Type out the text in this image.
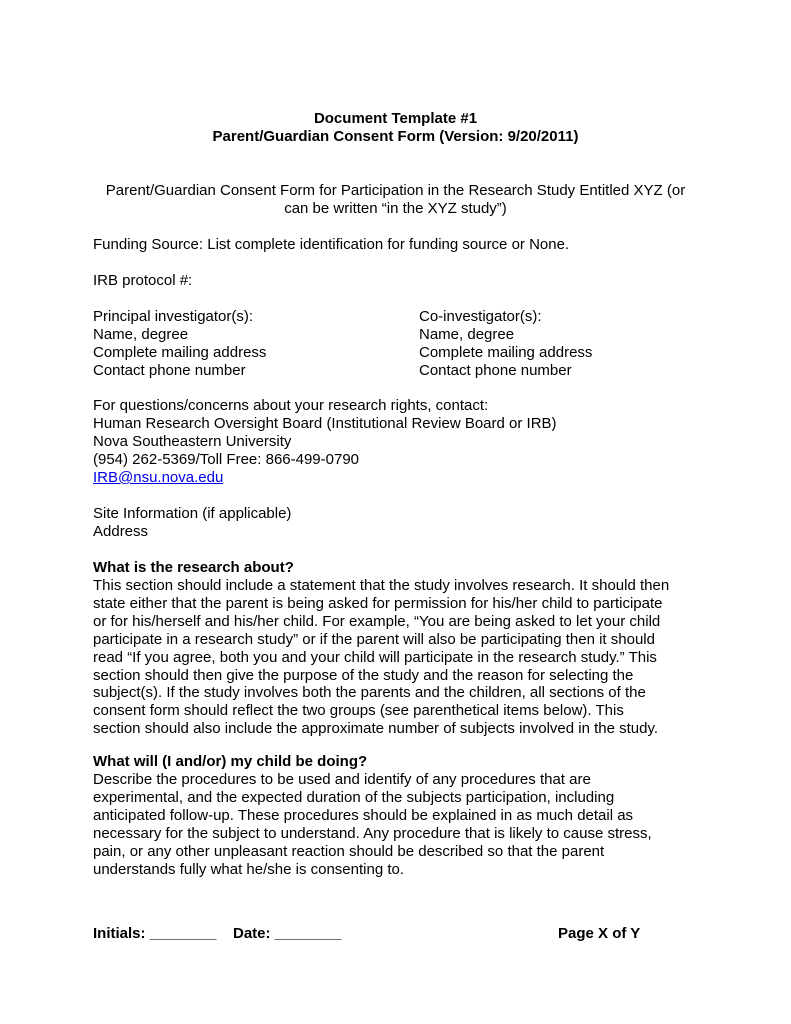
Document Template #1

Parent/Guardian Consent Form (Version: 9/20/2011)

Parent/Guardian Consent Form for Participation in the Research Study Entitled XYZ (or

can be written “in the XYZ study”)

Funding Source: List complete identification for funding source or None.

IRB protocol #:

Principal investigator(s):

Name, degree

Complete mailing address

Contact phone number

Co-investigator(s):

Name, degree

Complete mailing address

Contact phone number

For questions/concerns about your research rights, contact:

Human Research Oversight Board (Institutional Review Board or IRB)

Nova Southeastern University

(954) 262-5369/Toll Free: 866-499-0790

IRB@nsu.nova.edu

Site Information (if applicable)

Address

What is the research about?

This section should include a statement that the study involves research. It should then
state either that the parent is being asked for permission for his/her child to participate
or for his/herself and his/her child. For example, “You are being asked to let your child
participate in a research study” or if the parent will also be participating then it should
read “If you agree, both you and your child will participate in the research study.” This
section should then give the purpose of the study and the reason for selecting the
subject(s). If the study involves both the parents and the children, all sections of the
consent form should reflect the two groups (see parenthetical items below). This
section should also include the approximate number of subjects involved in the study.

What will (I and/or) my child be doing?

Describe the procedures to be used and identify of any procedures that are
experimental, and the expected duration of the subjects participation, including
anticipated follow-up. These procedures should be explained in as much detail as
necessary for the subject to understand. Any procedure that is likely to cause stress,
pain, or any other unpleasant reaction should be described so that the parent
understands fully what he/she is consenting to.

Initials: ________ Date: ________	Page X of Y
